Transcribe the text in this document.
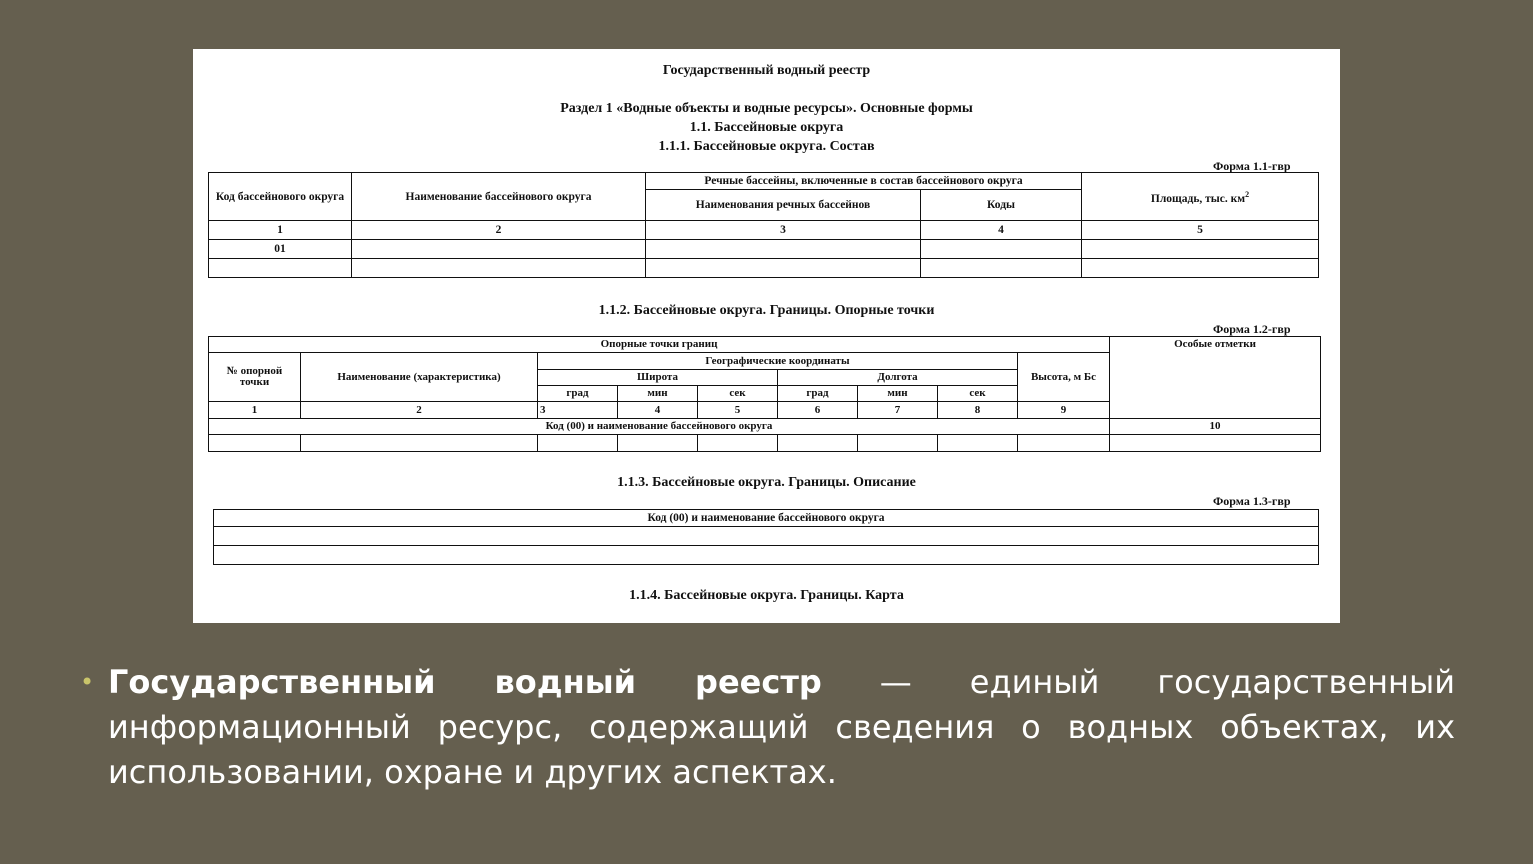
Государственный водный реестр
Раздел 1 «Водные объекты и водные ресурсы». Основные формы
1.1. Бассейновые округа
1.1.1. Бассейновые округа. Состав
Форма 1.1-гвр
Код бассейнового округа	Наименование бассейнового округа	Речные бассейны, включенные в состав бассейнового округа		Площадь, тыс. $км^2$
		Наименования речных бассейнов	Коды	
1	2	3	4	5
01				

1.1.2. Бассейновые округа. Границы. Опорные точки
Форма 1.2-гвр
Опорные точки границ									Особые отметки
№ опорной точки	Наименование (характеристика)	Географические координаты						Высота, м Бс	
		Широта			Долгота				
		град	мин	сек	град	мин	сек		
1	2	3	4	5	6	7	8	9	
Код (00) и наименование бассейнового округа									10

1.1.3. Бассейновые округа. Границы. Описание
Форма 1.3-гвр
Код (00) и наименование бассейнового округа

1.1.4. Бассейновые округа. Границы. Карта
• Государственный водный реестр — единый государственный информационный ресурс, содержащий сведения о водных объектах, их использовании, охране и других аспектах.
